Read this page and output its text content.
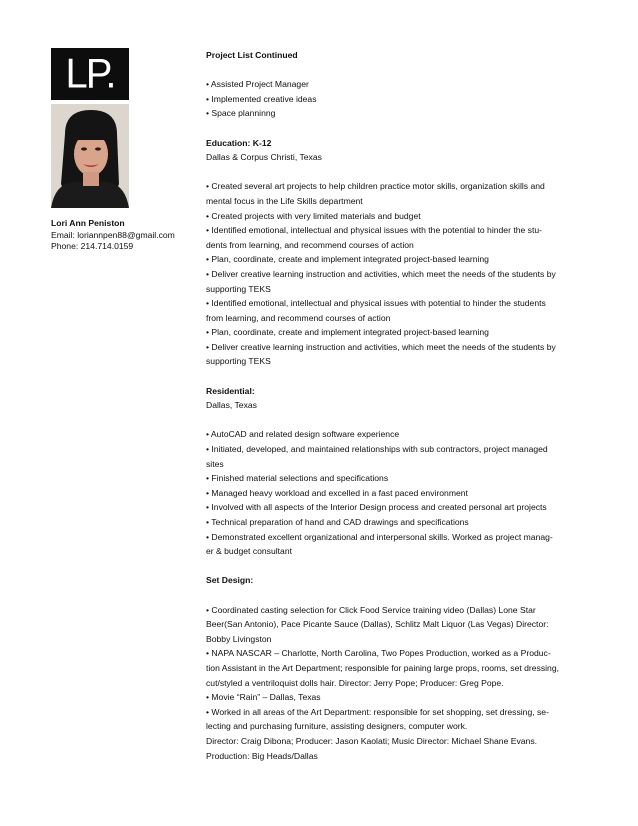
LP.
Lori Ann Peniston
Email: loriannpen88@gmail.com
Phone: 214.714.0159
Project List Continued
• Assisted Project Manager
• Implemented creative ideas
• Space planninng
Education: K-12
Dallas & Corpus Christi, Texas
• Created several art projects to help children practice motor skills, organization skills and
mental focus in the Life Skills department
• Created projects with very limited materials and budget
• Identified emotional, intellectual and physical issues with the potential to hinder the stu-
dents from learning, and recommend courses of action
• Plan, coordinate, create and implement integrated project-based learning
• Deliver creative learning instruction and activities, which meet the needs of the students by
supporting TEKS
• Identified emotional, intellectual and physical issues with potential to hinder the students
from learning, and recommend courses of action
• Plan, coordinate, create and implement integrated project-based learning
• Deliver creative learning instruction and activities, which meet the needs of the students by
supporting TEKS
Residential:
Dallas, Texas
• AutoCAD and related design software experience
• Initiated, developed, and maintained relationships with sub contractors, project managed
sites
• Finished material selections and specifications
• Managed heavy workload and excelled in a fast paced environment
• Involved with all aspects of the Interior Design process and created personal art projects
• Technical preparation of hand and CAD drawings and specifications
• Demonstrated excellent organizational and interpersonal skills. Worked as project manag-
er & budget consultant
Set Design:
• Coordinated casting selection for Click Food Service training video (Dallas) Lone Star
Beer(San Antonio), Pace Picante Sauce (Dallas), Schlitz Malt Liquor (Las Vegas) Director:
Bobby Livingston
• NAPA NASCAR – Charlotte, North Carolina, Two Popes Production, worked as a Produc-
tion Assistant in the Art Department; responsible for paining large props, rooms, set dressing,
cut/styled a ventriloquist dolls hair. Director: Jerry Pope; Producer: Greg Pope.
• Movie “Rain” – Dallas, Texas
• Worked in all areas of the Art Department: responsible for set shopping, set dressing, se-
lecting and purchasing furniture, assisting designers, computer work.
Director: Craig Dibona; Producer: Jason Kaolati; Music Director: Michael Shane Evans.
Production: Big Heads/Dallas
